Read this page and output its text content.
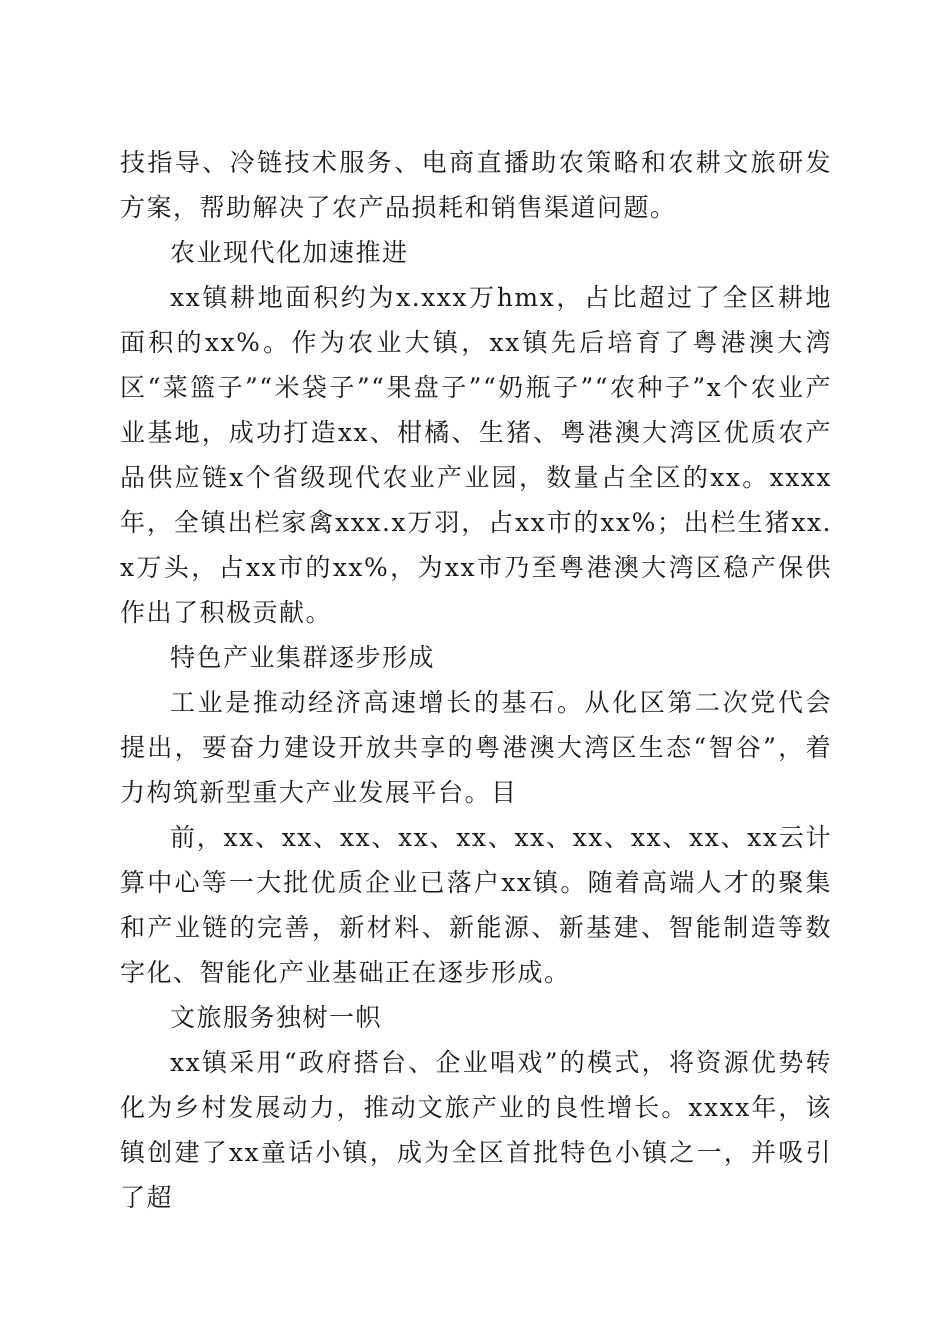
技指导、冷链技术服务、电商直播助农策略和农耕文旅研发方案，帮助解决了农产品损耗和销售渠道问题。

农业现代化加速推进

xx镇耕地面积约为x.xxx万hmx，占比超过了全区耕地面积的xx%。作为农业大镇，xx镇先后培育了粤港澳大湾区“菜篮子”“米袋子”“果盘子”“奶瓶子”“农种子”x个农业产业基地，成功打造xx、柑橘、生猪、粤港澳大湾区优质农产品供应链x个省级现代农业产业园，数量占全区的xx。xxxx年，全镇出栏家禽xxx.x万羽，占xx市的xx%；出栏生猪xx.x万头，占xx市的xx%，为xx市乃至粤港澳大湾区稳产保供作出了积极贡献。

特色产业集群逐步形成

工业是推动经济高速增长的基石。从化区第二次党代会提出，要奋力建设开放共享的粤港澳大湾区生态“智谷”，着力构筑新型重大产业发展平台。目

前，xx、xx、xx、xx、xx、xx、xx、xx、xx、xx云计算中心等一大批优质企业已落户xx镇。随着高端人才的聚集和产业链的完善，新材料、新能源、新基建、智能制造等数字化、智能化产业基础正在逐步形成。

文旅服务独树一帜

xx镇采用“政府搭台、企业唱戏”的模式，将资源优势转化为乡村发展动力，推动文旅产业的良性增长。xxxx年，该镇创建了xx童话小镇，成为全区首批特色小镇之一，并吸引了超
